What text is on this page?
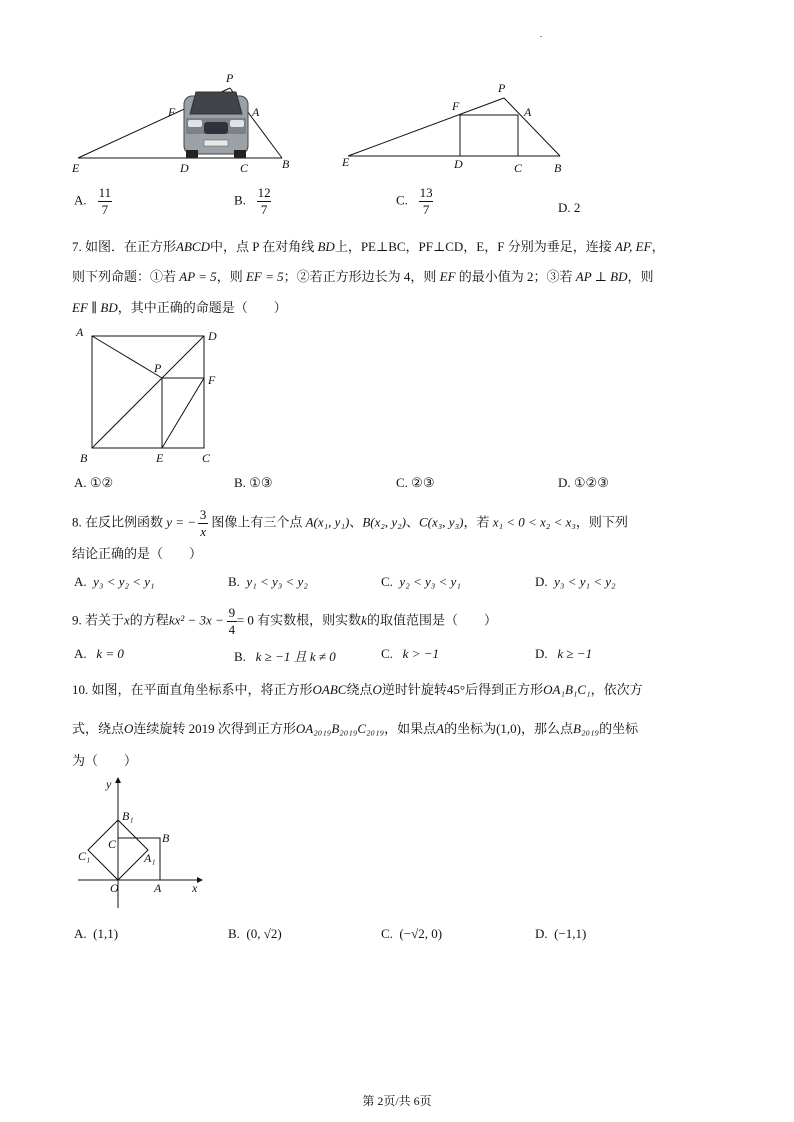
P
F	A
E	D	C	B
P
F	A
E	D	C	B
A. $\frac{11}{7}$	B. $\frac{12}{7}$	C. $\frac{13}{7}$	D. 2
7. 如图．在正方形ABCD中，点 P 在对角线 BD上，PE⊥BC，PF⊥CD，E，F 分别为垂足，连接 AP, EF，
则下列命题：①若 AP = 5，则 EF = 5；②若正方形边长为 4，则 EF 的最小值为 2；③若 AP ⊥ BD，则
EF ∥ BD，其中正确的命题是（　　）
A	D
P
F
B	E	C
A. ①②	B. ①③	C. ②③	D. ①②③
8. 在反比例函数 y = − $\frac{3}{x}$ 图像上有三个点 A(x₁, y₁)、B(x₂, y₂)、C(x₃, y₃)，若 x₁ < 0 < x₂ < x₃，则下列
结论正确的是（　　）
A. y₃ < y₂ < y₁	B. y₁ < y₃ < y₂	C. y₂ < y₃ < y₁	D. y₃ < y₁ < y₂
9. 若关于x的方程$kx^2 - 3x - \frac{9}{4} = 0$ 有实数根，则实数k的取值范围是（　　）
A. k = 0	B. k ≥ −1 且 k ≠ 0	C. k > −1	D. k ≥ −1
10. 如图，在平面直角坐标系中，将正方形OABC绕点O逆时针旋转45°后得到正方形OA₁B₁C₁，依次方
式，绕点O连续旋转 2019 次得到正方形OA₂₀₁₉B₂₀₁₉C₂₀₁₉，如果点A的坐标为(1,0)，那么点B₂₀₁₉的坐标
为（　　）
y
x
B₁
B
C
C₁	A₁
O	A
A. (1,1)	B. (0, √2)	C. (−√2, 0)	D. (−1,1)
第 2页/共 6页
